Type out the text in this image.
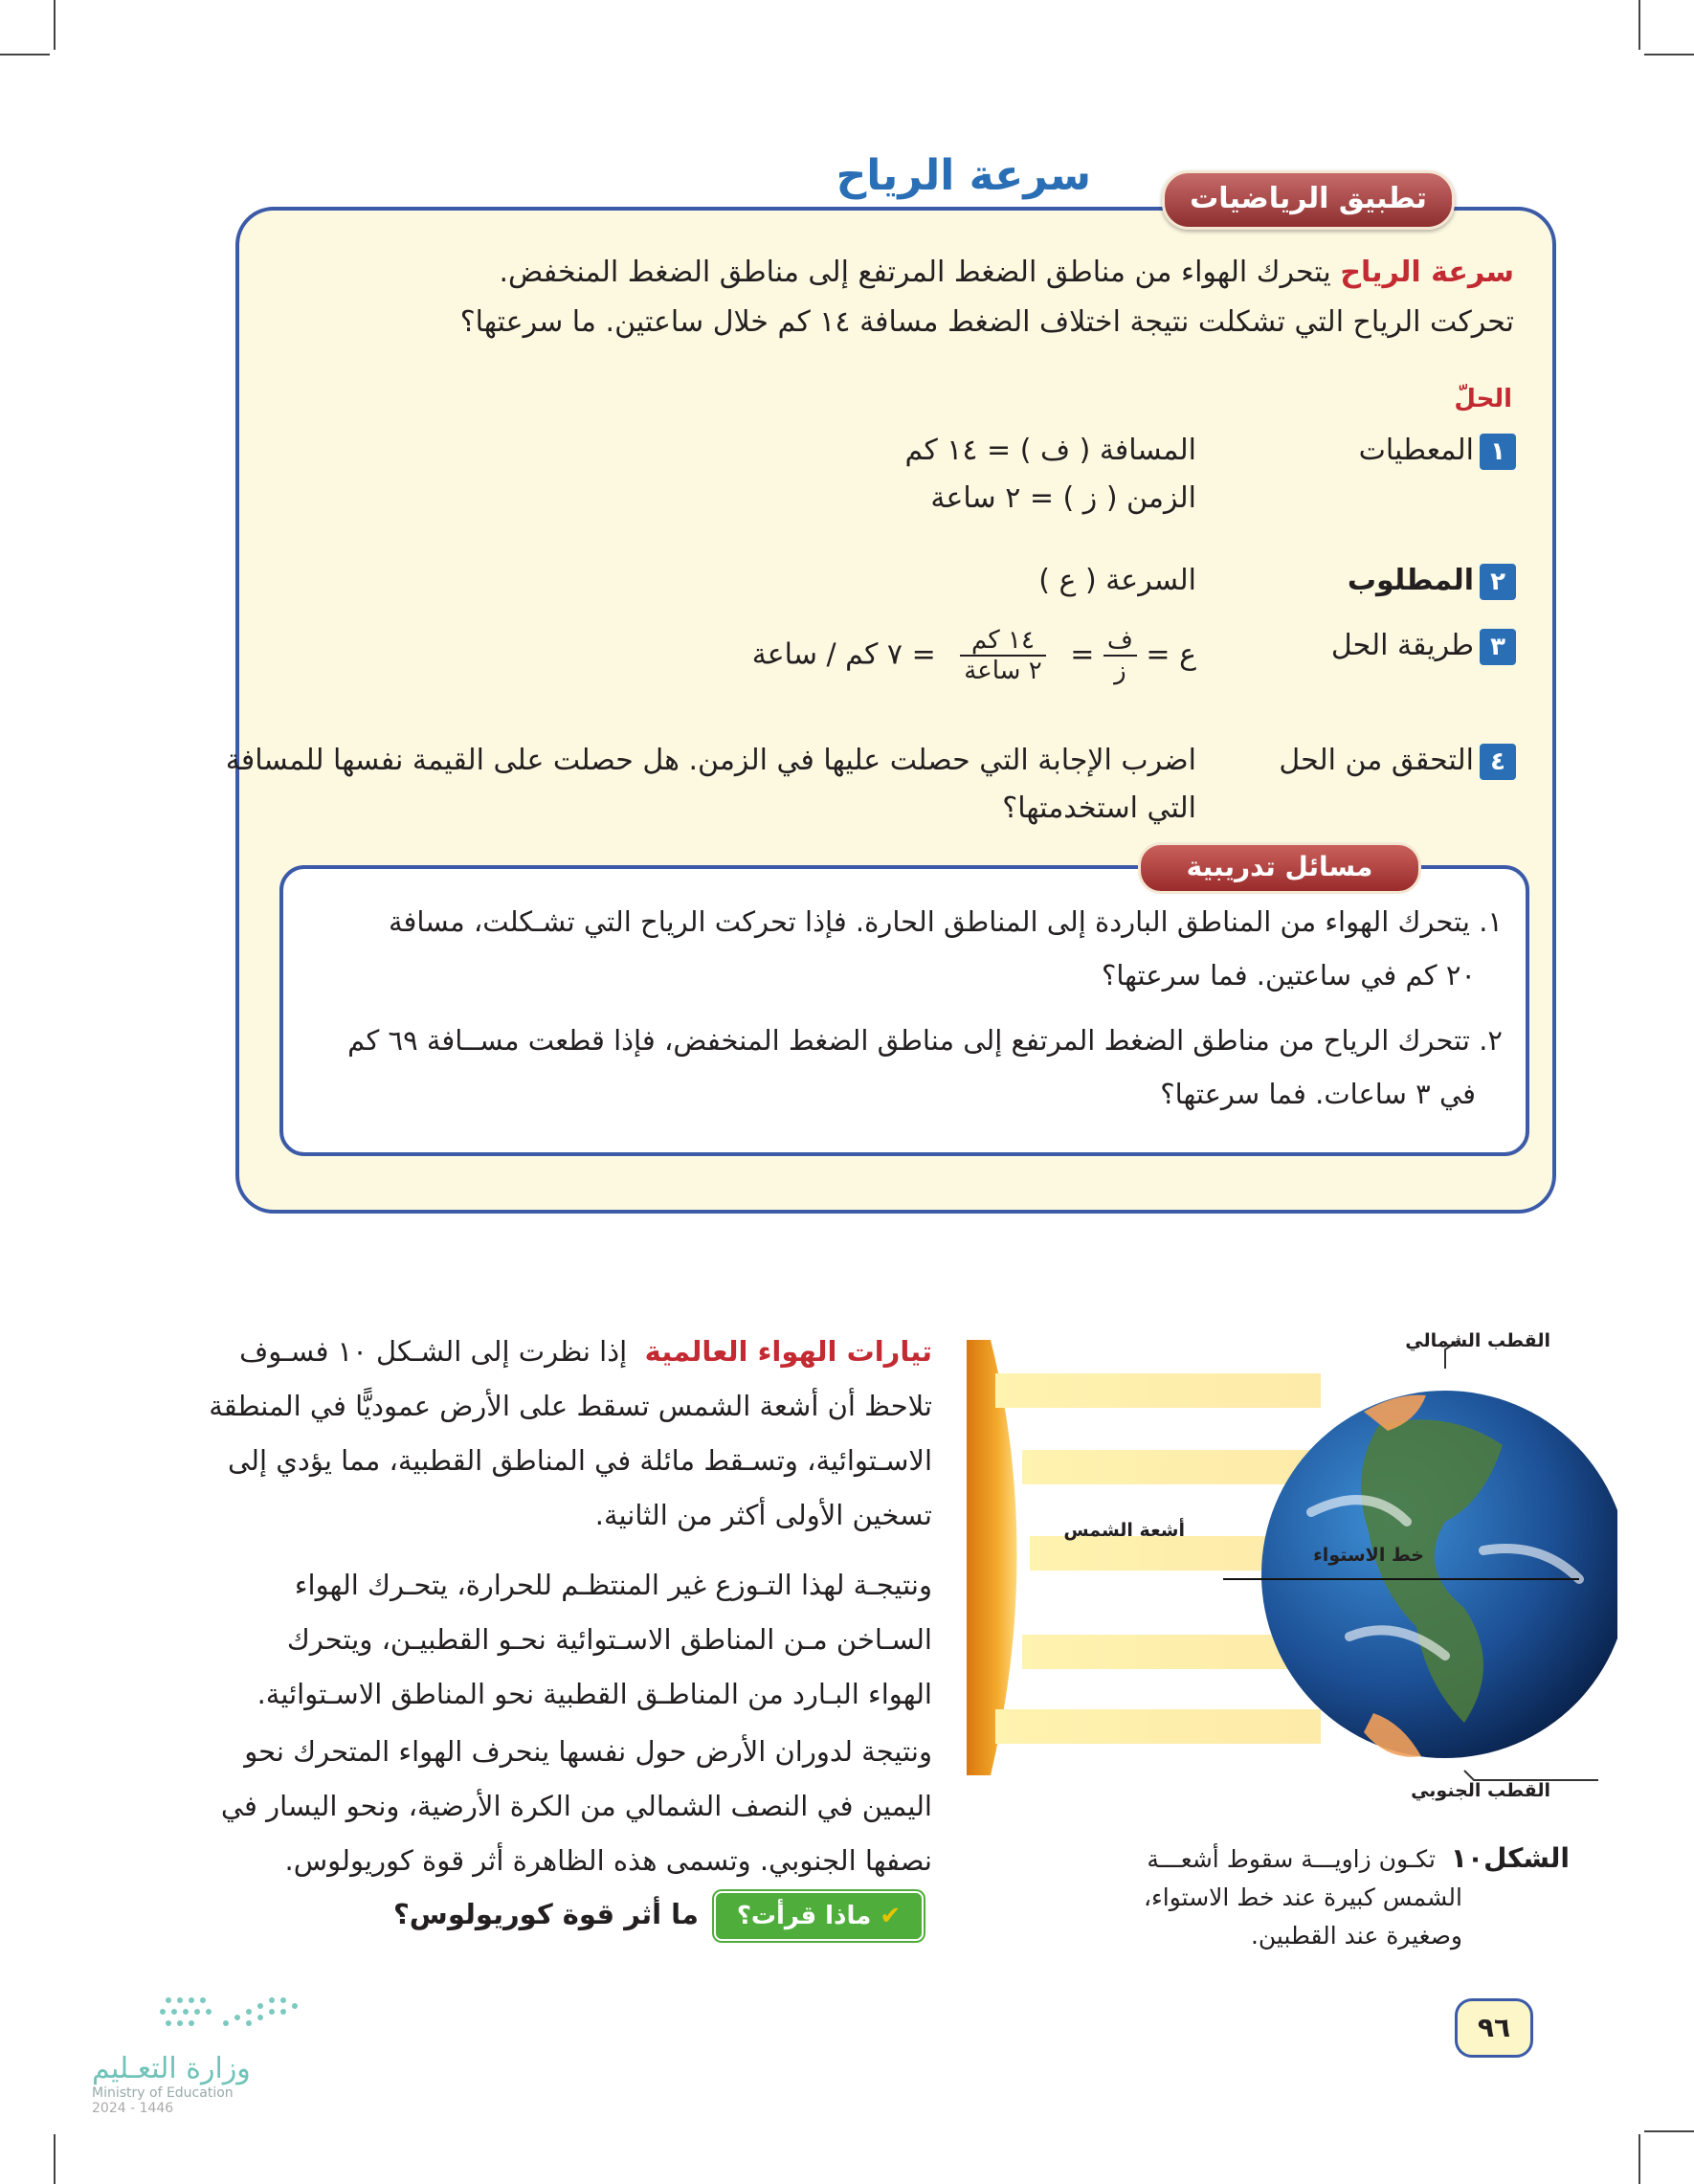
سرعة الرياح	تطبيق الرياضيات
سرعة الرياح يتحرك الهواء من مناطق الضغط المرتفع إلى مناطق الضغط المنخفض.
تحركت الرياح التي تشكلت نتيجة اختلاف الضغط مسافة ١٤ كم خلال ساعتين. ما سرعتها؟
الحلّ
١المعطيات
المسافة ( ف ) = ١٤ كم
الزمن ( ز ) = ٢ ساعة
٢المطلوب
السرعة ( ع )
٣طريقة الحل
ع =
$\frac{\text{ف}}{\text{ز}}$
=
$\frac{\text{١٤ كم}}{\text{٢ ساعة}}$
= ٧ كم / ساعة
٤التحقق من الحل
اضرب الإجابة التي حصلت عليها في الزمن. هل حصلت على القيمة نفسها للمسافة
التي استخدمتها؟
مسائل تدريبية
١. يتحرك الهواء من المناطق الباردة إلى المناطق الحارة. فإذا تحركت الرياح التي تشـكلت، مسافة
٢٠ كم في ساعتين. فما سرعتها؟
٢. تتحرك الرياح من مناطق الضغط المرتفع إلى مناطق الضغط المنخفض، فإذا قطعت مســافة ٦٩ كم
في ٣ ساعات. فما سرعتها؟
تيارات الهواء العالمية  إذا نظرت إلى الشـكل ١٠ فسـوف
تلاحظ أن أشعة الشمس تسقط على الأرض عموديًّا في المنطقة
الاسـتوائية، وتسـقط مائلة في المناطق القطبية، مما يؤدي إلى
تسخين الأولى أكثر من الثانية.
ونتيجـة لهذا التـوزع غير المنتظـم للحرارة، يتحـرك الهواء
السـاخن مـن المناطق الاسـتوائية نحـو القطبيـن، ويتحرك
الهواء البـارد من المناطـق القطبية نحو المناطق الاسـتوائية.
ونتيجة لدوران الأرض حول نفسها ينحرف الهواء المتحرك نحو
اليمين في النصف الشمالي من الكرة الأرضية، ونحو اليسار في
نصفها الجنوبي. وتسمى هذه الظاهرة أثر قوة كوريولوس.
✔ ماذا قرأت؟
ما أثر قوة كوريولوس؟
القطب الشمالي
القطب الجنوبي
أشعة الشمس
خط الاستواء
الشكل١٠  تكـون زاويـــة سقوط أشعـــة
الشمس كبيرة عند خط الاستواء،
وصغيرة عند القطبين.
٩٦
وزارة التعـليم
Ministry of Education
2024 - 1446
